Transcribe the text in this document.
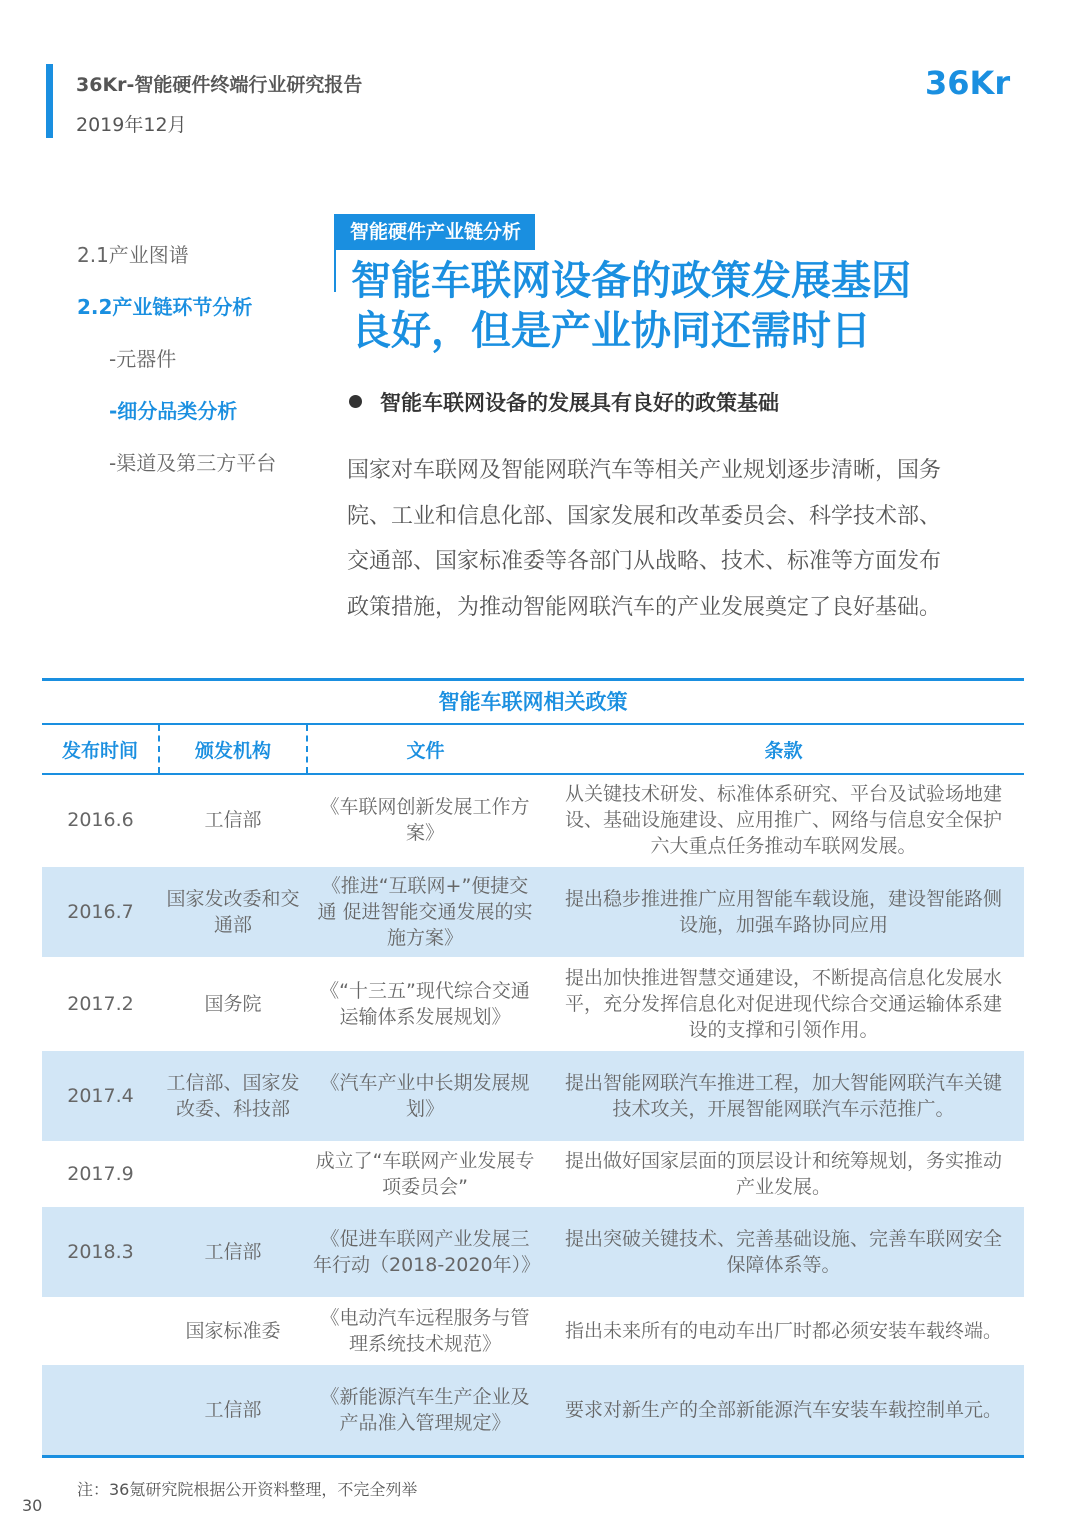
36Kr-智能硬件终端行业研究报告
2019年12月
36Kr
2.1产业图谱
2.2产业链环节分析
-元器件
-细分品类分析
-渠道及第三方平台
智能硬件产业链分析
智能车联网设备的政策发展基因
良好，但是产业协同还需时日
智能车联网设备的发展具有良好的政策基础
国家对车联网及智能网联汽车等相关产业规划逐步清晰，国务院、工业和信息化部、国家发展和改革委员会、科学技术部、交通部、国家标准委等各部门从战略、技术、标准等方面发布政策措施，为推动智能网联汽车的产业发展奠定了良好基础。
智能车联网相关政策
发布时间	颁发机构	文件	条款
2016.6	工信部	《车联网创新发展工作方案》	从关键技术研发、标准体系研究、平台及试验场地建设、基础设施建设、应用推广、网络与信息安全保护六大重点任务推动车联网发展。
2016.7	国家发改委和交通部	《推进“互联网+”便捷交通 促进智能交通发展的实施方案》	提出稳步推进推广应用智能车载设施，建设智能路侧设施，加强车路协同应用
2017.2	国务院	《“十三五”现代综合交通运输体系发展规划》	提出加快推进智慧交通建设，不断提高信息化发展水平，充分发挥信息化对促进现代综合交通运输体系建设的支撑和引领作用。
2017.4	工信部、国家发改委、科技部	《汽车产业中长期发展规划》	提出智能网联汽车推进工程，加大智能网联汽车关键技术攻关，开展智能网联汽车示范推广。
2017.9		成立了“车联网产业发展专项委员会”	提出做好国家层面的顶层设计和统筹规划，务实推动产业发展。
2018.3	工信部	《促进车联网产业发展三年行动（2018-2020年）》	提出突破关键技术、完善基础设施、完善车联网安全保障体系等。
	国家标准委	《电动汽车远程服务与管理系统技术规范》	指出未来所有的电动车出厂时都必须安装车载终端。
	工信部	《新能源汽车生产企业及产品准入管理规定》	要求对新生产的全部新能源汽车安装车载控制单元。
注：36氪研究院根据公开资料整理，不完全列举
30
